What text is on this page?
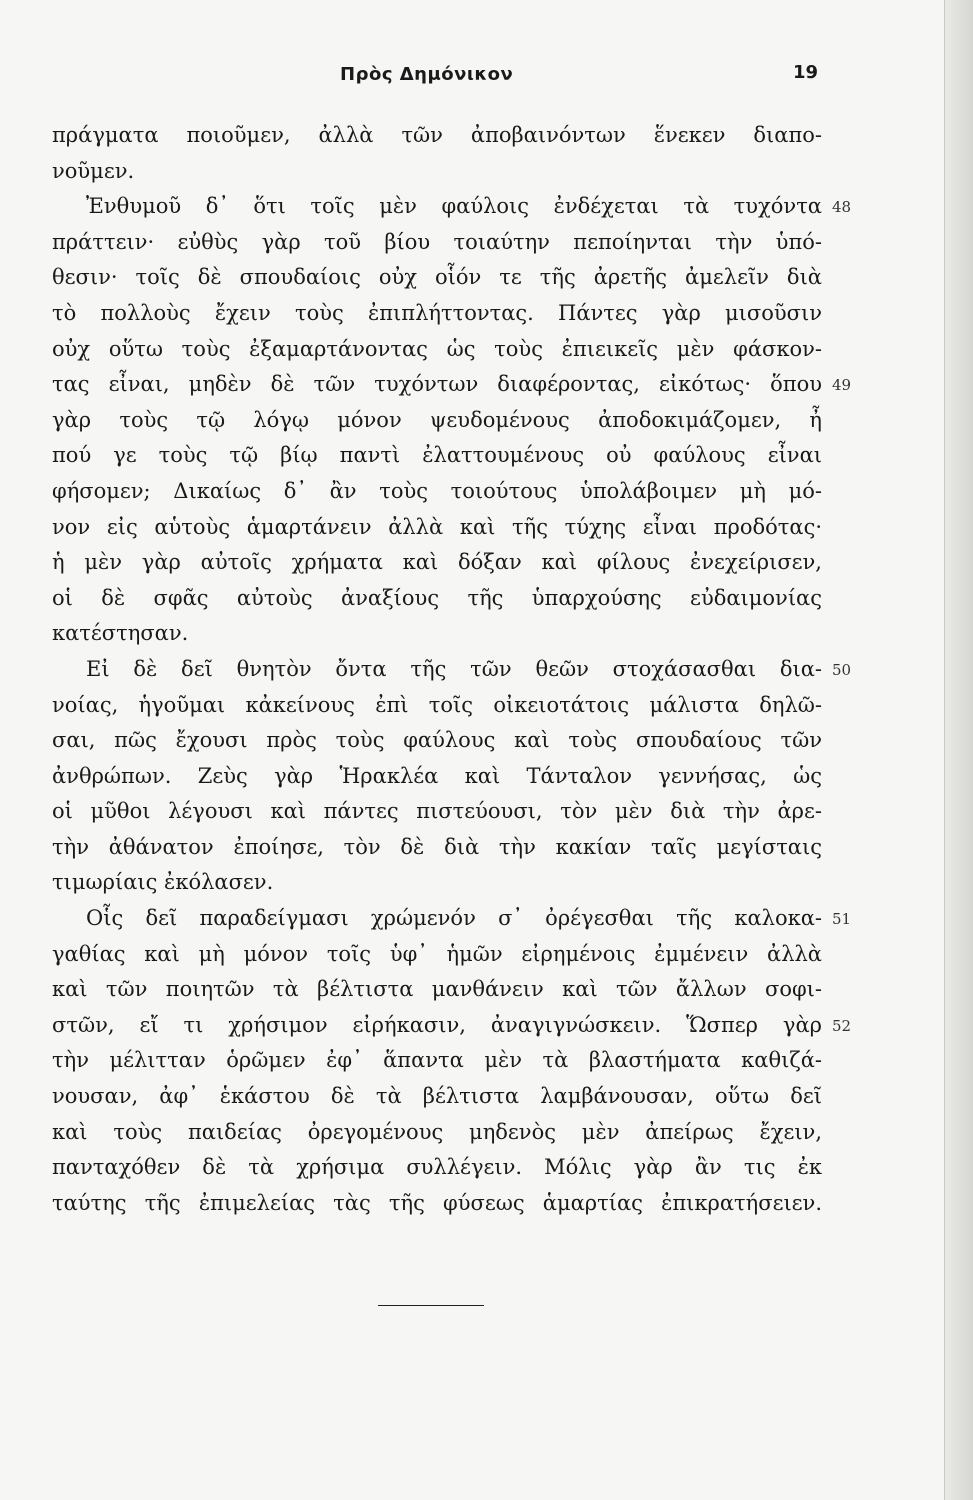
Πρὸς Δημόνικον	19
πράγματα ποιοῦμεν, ἀλλὰ τῶν ἀποβαινόντων ἕνεκεν διαπο-
νοῦμεν.
Ἐνθυμοῦ δ᾽ ὅτι τοῖς μὲν φαύλοις ἐνδέχεται τὰ τυχόντα
πράττειν· εὐθὺς γὰρ τοῦ βίου τοιαύτην πεποίηνται τὴν ὑπό-
θεσιν· τοῖς δὲ σπουδαίοις οὐχ οἷόν τε τῆς ἀρετῆς ἀμελεῖν διὰ
τὸ πολλοὺς ἔχειν τοὺς ἐπιπλήττοντας. Πάντες γὰρ μισοῦσιν
οὐχ οὕτω τοὺς ἐξαμαρτάνοντας ὡς τοὺς ἐπιεικεῖς μὲν φάσκον-
τας εἶναι, μηδὲν δὲ τῶν τυχόντων διαφέροντας, εἰκότως· ὅπου
γὰρ τοὺς τῷ λόγῳ μόνον ψευδομένους ἀποδοκιμάζομεν, ἦ
πού γε τοὺς τῷ βίῳ παντὶ ἐλαττουμένους οὐ φαύλους εἶναι
φήσομεν; Δικαίως δ᾽ ἂν τοὺς τοιούτους ὑπολάβοιμεν μὴ μό-
νον εἰς αὑτοὺς ἁμαρτάνειν ἀλλὰ καὶ τῆς τύχης εἶναι προδότας·
ἡ μὲν γὰρ αὐτοῖς χρήματα καὶ δόξαν καὶ φίλους ἐνεχείρισεν,
οἱ δὲ σφᾶς αὐτοὺς ἀναξίους τῆς ὑπαρχούσης εὐδαιμονίας
κατέστησαν.
Εἰ δὲ δεῖ θνητὸν ὄντα τῆς τῶν θεῶν στοχάσασθαι δια-
νοίας, ἡγοῦμαι κἀκείνους ἐπὶ τοῖς οἰκειοτάτοις μάλιστα δηλῶ-
σαι, πῶς ἔχουσι πρὸς τοὺς φαύλους καὶ τοὺς σπουδαίους τῶν
ἀνθρώπων. Ζεὺς γὰρ Ἡρακλέα καὶ Τάνταλον γεννήσας, ὡς
οἱ μῦθοι λέγουσι καὶ πάντες πιστεύουσι, τὸν μὲν διὰ τὴν ἀρε-
τὴν ἀθάνατον ἐποίησε, τὸν δὲ διὰ τὴν κακίαν ταῖς μεγίσταις
τιμωρίαις ἐκόλασεν.
Οἷς δεῖ παραδείγμασι χρώμενόν σ᾽ ὀρέγεσθαι τῆς καλοκα-
γαθίας καὶ μὴ μόνον τοῖς ὑφ᾽ ἡμῶν εἰρημένοις ἐμμένειν ἀλλὰ
καὶ τῶν ποιητῶν τὰ βέλτιστα μανθάνειν καὶ τῶν ἄλλων σοφι-
στῶν, εἴ τι χρήσιμον εἰρήκασιν, ἀναγιγνώσκειν. Ὥσπερ γὰρ
τὴν μέλιτταν ὁρῶμεν ἐφ᾽ ἅπαντα μὲν τὰ βλαστήματα καθιζά-
νουσαν, ἀφ᾽ ἑκάστου δὲ τὰ βέλτιστα λαμβάνουσαν, οὕτω δεῖ
καὶ τοὺς παιδείας ὀρεγομένους μηδενὸς μὲν ἀπείρως ἔχειν,
πανταχόθεν δὲ τὰ χρήσιμα συλλέγειν. Μόλις γὰρ ἂν τις ἐκ
ταύτης τῆς ἐπιμελείας τὰς τῆς φύσεως ἁμαρτίας ἐπικρατήσειεν.
48
49
50
51
52
